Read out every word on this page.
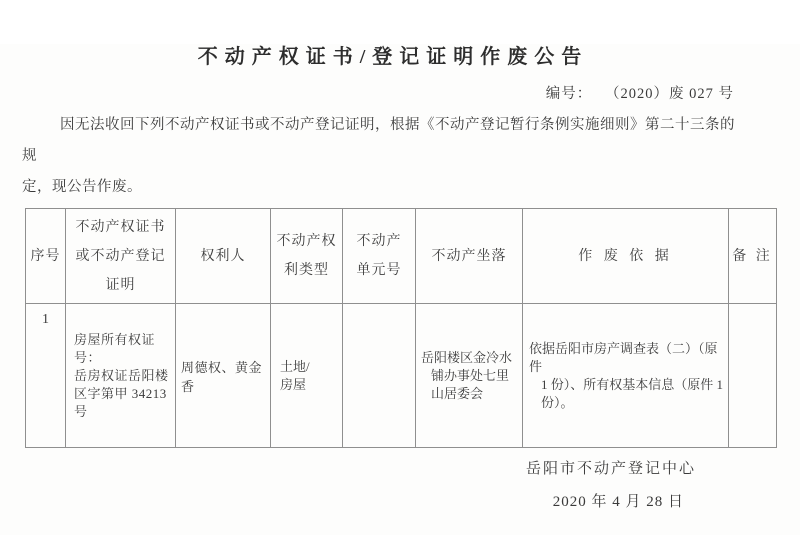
不动产权证书/登记证明作废公告
编号： （2020）废 027 号
因无法收回下列不动产权证书或不动产登记证明，根据《不动产登记暂行条例实施细则》第二十三条的规
定，现公告作废。
序号	不动产权证书
或不动产登记
证明	权利人	不动产权
利类型	不动产
单元号	不动产坐落	作 废 依 据	备 注

1	房屋所有权证号：
岳房权证岳阳楼
区字第甲 34213 号	周德权、黄金香	土地/
房屋		岳阳楼区金冷水
铺办事处七里
山居委会	依据岳阳市房产调查表（二）（原件
1 份）、所有权基本信息（原件 1
份）。	

岳阳市不动产登记中心
2020 年 4 月 28 日
